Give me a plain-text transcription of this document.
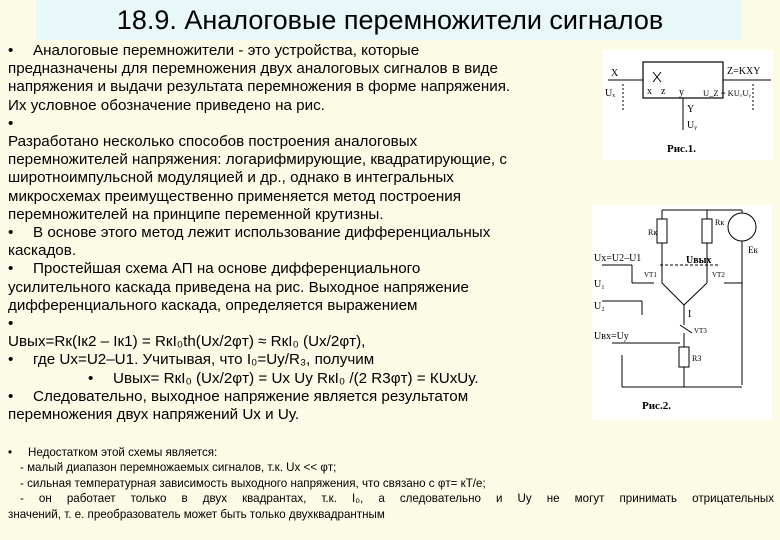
18.9. Аналоговые перемножители сигналов

• Аналоговые перемножители - это устройства, которые

предназначены для перемножения двух аналоговых сигналов в виде

напряжения и выдачи результата перемножения в форме напряжения.

Их условное обозначение приведено на рис.

•

Разработано несколько способов построения аналоговых

перемножителей напряжения: логарифмирующие, квадратирующие, с

широтноимпульсной модуляцией и др., однако в интегральных

микросхемах преимущественно применяется метод построения

перемножителей на принципе переменной крутизны.

• В основе этого метод лежит использование дифференциальных

каскадов.

• Простейшая схема АП на основе дифференциального

усилительного каскада приведена на рис. Выходное напряжение

дифференциального каскада, определяется выражением

•

Uвых=Rк(Iк2 – Iк1) = RкI₀th(Ux/2φт) ≈ RкI₀ (Ux/2φт),

• где Ux=U2–U1. Учитывая, что I₀=Uу/R₃, получим

• Uвых= RкI₀ (Ux/2φт) = Ux Uу RкI₀ /(2 R3φт) = КUxUу.

• Следовательно, выходное напряжение является результатом

перемножения двух напряжений Ux и Uу.

• Недостатком этой схемы является:

- малый диапазон перемножаемых сигналов, т.к. Ux << φт;

- сильная температурная зависимость выходного напряжения, что связано с φт= кT/e;

- он работает только в двух квадрантах, т.к. I₀, а следовательно и Uу не могут принимать отрицательных

значений, т. е. преобразователь может быть только двухквадрантным

X
x z y
Z=KXY
Uₓ
Y
Uᵧ
U_Z = KUₓUᵧ
Рис.1.
Rк
Rк
Eк
Ux=U2–U1	Uвых
U₁
U₂
VT1	VT2
I
VT3
Uвх=Uу
R3
Рис.2.
